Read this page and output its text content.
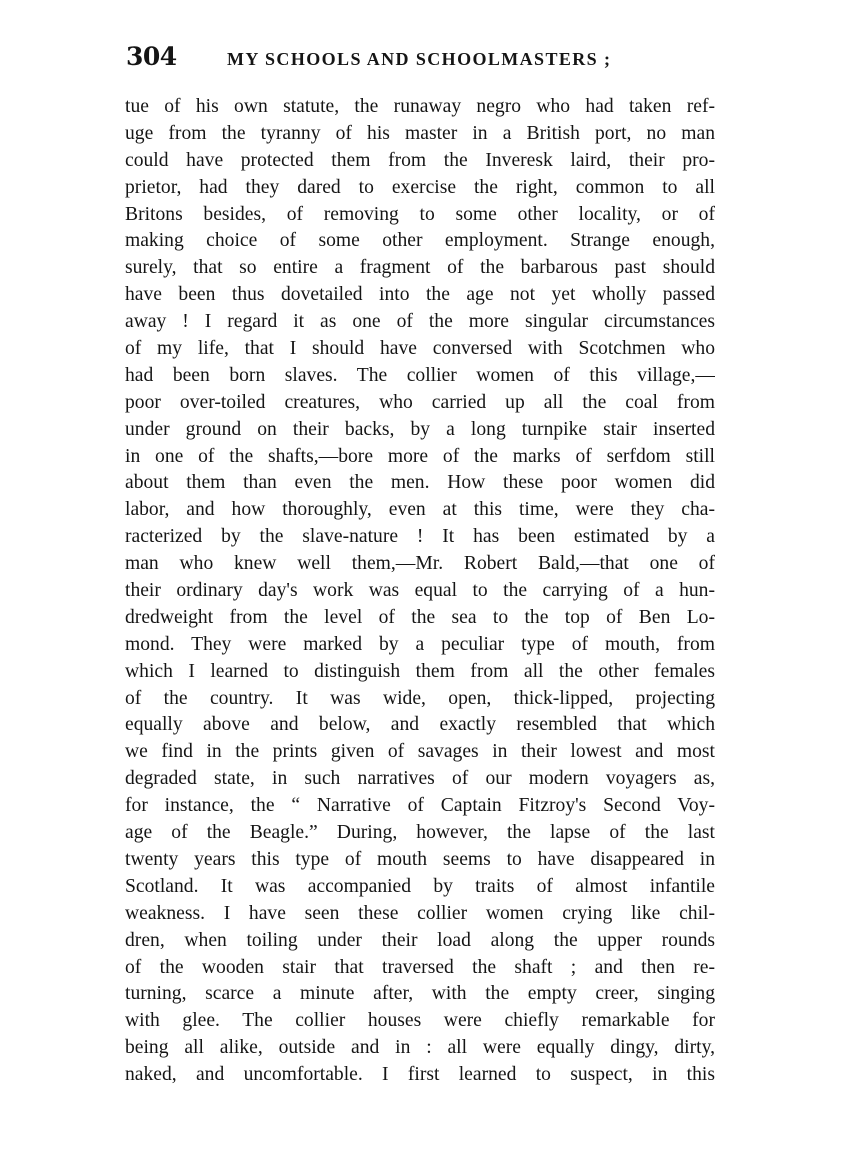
304	MY SCHOOLS AND SCHOOLMASTERS ;
tue of his own statute, the runaway negro who had taken ref-
uge from the tyranny of his master in a British port, no man
could have protected them from the Inveresk laird, their pro-
prietor, had they dared to exercise the right, common to all
Britons besides, of removing to some other locality, or of
making choice of some other employment. Strange enough,
surely, that so entire a fragment of the barbarous past should
have been thus dovetailed into the age not yet wholly passed
away ! I regard it as one of the more singular circumstances
of my life, that I should have conversed with Scotchmen who
had been born slaves. The collier women of this village,—
poor over-toiled creatures, who carried up all the coal from
under ground on their backs, by a long turnpike stair inserted
in one of the shafts,—bore more of the marks of serfdom still
about them than even the men. How these poor women did
labor, and how thoroughly, even at this time, were they cha-
racterized by the slave-nature ! It has been estimated by a
man who knew well them,—Mr. Robert Bald,—that one of
their ordinary day's work was equal to the carrying of a hun-
dredweight from the level of the sea to the top of Ben Lo-
mond. They were marked by a peculiar type of mouth, from
which I learned to distinguish them from all the other females
of the country. It was wide, open, thick-lipped, projecting
equally above and below, and exactly resembled that which
we find in the prints given of savages in their lowest and most
degraded state, in such narratives of our modern voyagers as,
for instance, the “ Narrative of Captain Fitzroy's Second Voy-
age of the Beagle.” During, however, the lapse of the last
twenty years this type of mouth seems to have disappeared in
Scotland. It was accompanied by traits of almost infantile
weakness. I have seen these collier women crying like chil-
dren, when toiling under their load along the upper rounds
of the wooden stair that traversed the shaft ; and then re-
turning, scarce a minute after, with the empty creer, singing
with glee. The collier houses were chiefly remarkable for
being all alike, outside and in : all were equally dingy, dirty,
naked, and uncomfortable. I first learned to suspect, in this
